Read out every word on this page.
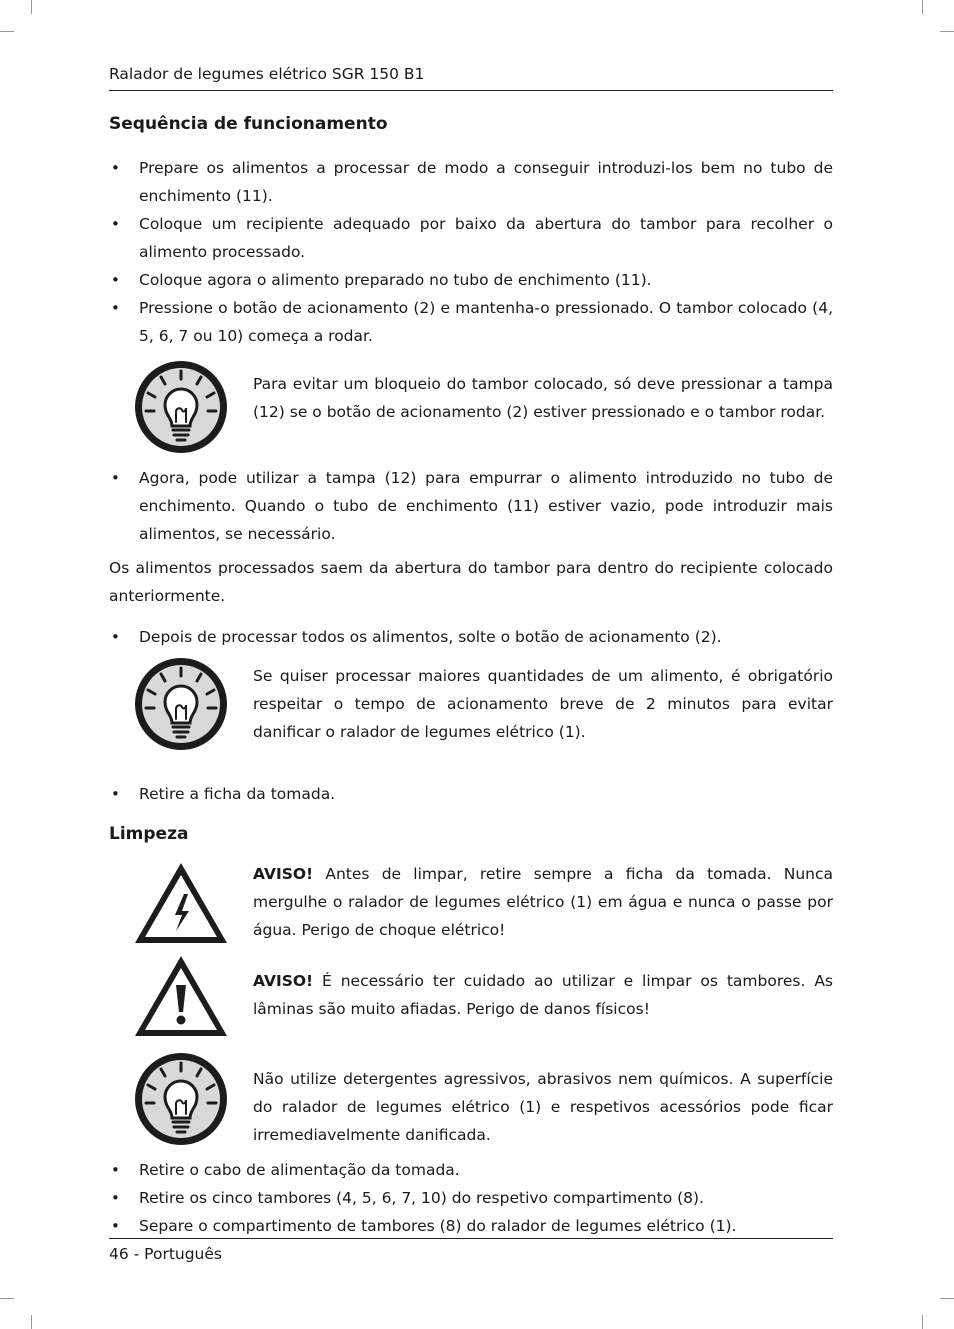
Ralador de legumes elétrico SGR 150 B1
Sequência de funcionamento
• Prepare os alimentos a processar de modo a conseguir introduzi-los bem no tubo de enchimento (11).
• Coloque um recipiente adequado por baixo da abertura do tambor para recolher o alimento processado.
• Coloque agora o alimento preparado no tubo de enchimento (11).
• Pressione o botão de acionamento (2) e mantenha-o pressionado. O tambor colocado (4, 5, 6, 7 ou 10) começa a rodar.
Para evitar um bloqueio do tambor colocado, só deve pressionar a tampa (12) se o botão de acionamento (2) estiver pressionado e o tambor rodar.
• Agora, pode utilizar a tampa (12) para empurrar o alimento introduzido no tubo de enchimento. Quando o tubo de enchimento (11) estiver vazio, pode introduzir mais alimentos, se necessário.

Os alimentos processados saem da abertura do tambor para dentro do recipiente colocado anteriormente.

• Depois de processar todos os alimentos, solte o botão de acionamento (2).
Se quiser processar maiores quantidades de um alimento, é obrigatório respeitar o tempo de acionamento breve de 2 minutos para evitar danificar o ralador de legumes elétrico (1).
• Retire a ficha da tomada.
Limpeza
AVISO! Antes de limpar, retire sempre a ficha da tomada. Nunca mergulhe o ralador de legumes elétrico (1) em água e nunca o passe por água. Perigo de choque elétrico!
AVISO! É necessário ter cuidado ao utilizar e limpar os tambores. As lâminas são muito afiadas. Perigo de danos físicos!
Não utilize detergentes agressivos, abrasivos nem químicos. A superfície do ralador de legumes elétrico (1) e respetivos acessórios pode ficar irremediavelmente danificada.
• Retire o cabo de alimentação da tomada.
• Retire os cinco tambores (4, 5, 6, 7, 10) do respetivo compartimento (8).
• Separe o compartimento de tambores (8) do ralador de legumes elétrico (1).
46 - Português
